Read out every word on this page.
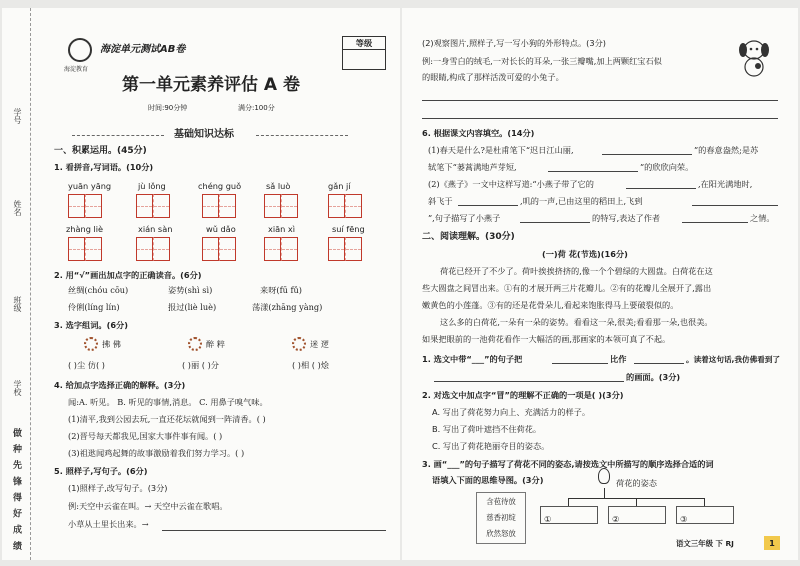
学号
姓名
班级
学校
做 种 先 锋 得 好 成 绩
海淀教育
海淀单元测试AB卷
等级
第一单元素养评估 A 卷
时间:90分钟	满分:100分
基础知识达标
一、积累运用。(45分)
1. 看拼音,写词语。(10分)
yuān yāng	jù lǒng	chéng guǒ	sǎ luò	gǎn jí
zhàng liè	xián sàn	wǔ dǎo	xiān xì	suí fēng
2. 用“√”画出加点字的正确读音。(6分)
丝绸(chóu cōu)	姿势(shì sì)	来呀(fū fǔ)
伶俐(líng lín)	报过(liè luè)	荡漾(zhāng yàng)
3. 选字组词。(6分)
拂 佛	醉 粹	迷 逻
( )尘 仿( )	( )丽 ( )分	( )相 ( )烩
4. 给加点字选择正确的解释。(3分)
闻:A. 听见。 B. 听见的事情,消息。 C. 用鼻子嗅气味。
(1)清平,我到公园去玩,一直还花坛就闻到一阵清香。( )
(2)晋号每天都我见,国家大事件事有闻。( )
(3)祖逖闻鸡起舞的故事激励着我们努力学习。( )
5. 照样子,写句子。(6分)
(1)照样子,改写句子。(3分)
例:天空中云雀在叫。→ 天空中云雀在歌唱。
小草从土里长出来。→
(2)观察图片,照样子,写一写小狗的外形特点。(3分)
例:一身雪白的绒毛,一对长长的耳朵,一张三瓣嘴,加上两颗红宝石似
的眼睛,构成了那样活泼可爱的小兔子。
6. 根据课文内容填空。(14分)
(1)春天是什么?是杜甫笔下“迟日江山丽,	”的春意盎然;是苏
轼笔下“蒌蒿满地芦芽短,	”的欣欣向荣。
(2)《燕子》一文中这样写道:“小燕子带了它的	,在阳光满地时,
斜飞于	,叽的一声,已由这里的稻田上,飞到
”,句子描写了小燕子	的特写,表达了作者	之情。
二、阅读理解。(30分)
(一)荷 花(节选)(16分)
荷花已经开了不少了。荷叶挨挨挤挤的,像一个个碧绿的大圆盘。白荷花在这
些大圆盘之间冒出来。①有的才展开两三片花瓣儿。②有的花瓣儿全展开了,露出
嫩黄色的小莲蓬。③有的还是花骨朵儿,看起来饱胀得马上要破裂似的。
这么多的白荷花,一朵有一朵的姿势。看看这一朵,很美;看看那一朵,也很美。
如果把眼前的一池荷花看作一大幅活的画,那画家的本领可真了不起。
1. 选文中带“___”的句子把	比作	。读着这句话,我仿佛看到了
的画面。(3分)
2. 对选文中加点字“冒”的理解不正确的一项是( )(3分)
A. 写出了荷花努力向上、充满活力的样子。
B. 写出了荷叶遮挡不住荷花。
C. 写出了荷花艳丽夺目的姿态。
3. 画“___”的句子描写了荷花不同的姿态,请按选文中所描写的顺序选择合适的词
语填入下面的思维导图。(3分)
含苞待放
慈香初绽
欣然怒放
荷花的姿态
①	②	③
语文三年级 下 RJ	1
